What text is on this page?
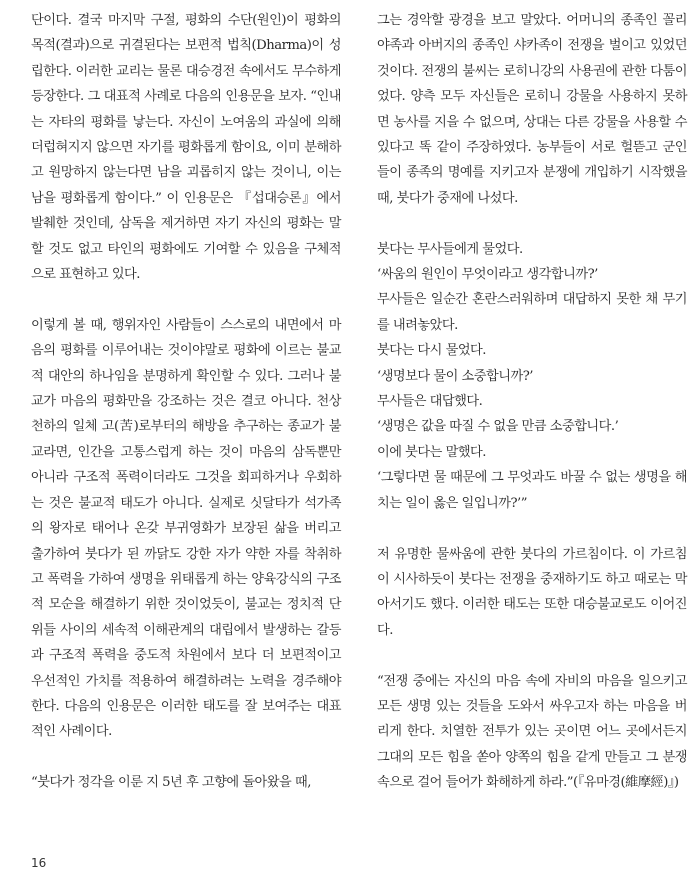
단이다. 결국 마지막 구절, 평화의 수단(원인)이 평화의 목적(결과)으로 귀결된다는 보편적 법칙(Dharma)이 성립한다. 이러한 교리는 물론 대승경전 속에서도 무수하게 등장한다. 그 대표적 사례로 다음의 인용문을 보자. “인내는 자타의 평화를 낳는다. 자신이 노여움의 과실에 의해 더럽혀지지 않으면 자기를 평화롭게 함이요, 이미 분해하고 원망하지 않는다면 남을 괴롭히지 않는 것이니, 이는 남을 평화롭게 함이다.” 이 인용문은 『섭대승론』에서 발췌한 것인데, 삼독을 제거하면 자기 자신의 평화는 말할 것도 없고 타인의 평화에도 기여할 수 있음을 구체적으로 표현하고 있다.

이렇게 볼 때, 행위자인 사람들이 스스로의 내면에서 마음의 평화를 이루어내는 것이야말로 평화에 이르는 불교적 대안의 하나임을 분명하게 확인할 수 있다. 그러나 불교가 마음의 평화만을 강조하는 것은 결코 아니다. 천상천하의 일체 고(苦)로부터의 해방을 추구하는 종교가 불교라면, 인간을 고통스럽게 하는 것이 마음의 삼독뿐만 아니라 구조적 폭력이더라도 그것을 회피하거나 우회하는 것은 불교적 태도가 아니다. 실제로 싯달타가 석가족의 왕자로 태어나 온갖 부귀영화가 보장된 삶을 버리고 출가하여 붓다가 된 까닭도 강한 자가 약한 자를 착취하고 폭력을 가하여 생명을 위태롭게 하는 양육강식의 구조적 모순을 해결하기 위한 것이었듯이, 불교는 정치적 단위들 사이의 세속적 이해관계의 대립에서 발생하는 갈등과 구조적 폭력을 중도적 차원에서 보다 더 보편적이고 우선적인 가치를 적용하여 해결하려는 노력을 경주해야 한다. 다음의 인용문은 이러한 태도를 잘 보여주는 대표적인 사례이다.

“붓다가 정각을 이룬 지 5년 후 고향에 돌아왔을 때,

그는 경악할 광경을 보고 말았다. 어머니의 종족인 꼴리야족과 아버지의 종족인 샤카족이 전쟁을 벌이고 있었던 것이다. 전쟁의 불씨는 로히니강의 사용권에 관한 다툼이었다. 양측 모두 자신들은 로히니 강물을 사용하지 못하면 농사를 지을 수 없으며, 상대는 다른 강물을 사용할 수 있다고 똑 같이 주장하였다. 농부들이 서로 헐뜯고 군인들이 종족의 명예를 지키고자 분쟁에 개입하기 시작했을 때, 붓다가 중재에 나섰다.

붓다는 무사들에게 물었다.
‘싸움의 원인이 무엇이라고 생각합니까?’
무사들은 일순간 혼란스러워하며 대답하지 못한 채 무기를 내려놓았다.
붓다는 다시 물었다.
‘생명보다 물이 소중합니까?’
무사들은 대답했다.
‘생명은 값을 따질 수 없을 만큼 소중합니다.’
이에 붓다는 말했다.
‘그렇다면 물 때문에 그 무엇과도 바꿀 수 없는 생명을 해치는 일이 옳은 일입니까?’”

저 유명한 물싸움에 관한 붓다의 가르침이다. 이 가르침이 시사하듯이 붓다는 전쟁을 중재하기도 하고 때로는 막아서기도 했다. 이러한 태도는 또한 대승불교로도 이어진다.

“전쟁 중에는 자신의 마음 속에 자비의 마음을 일으키고 모든 생명 있는 것들을 도와서 싸우고자 하는 마음을 버리게 한다. 치열한 전투가 있는 곳이면 어느 곳에서든지 그대의 모든 힘을 쏟아 양쪽의 힘을 같게 만들고 그 분쟁 속으로 걸어 들어가 화해하게 하라.”(『유마경(維摩經)』)

16
